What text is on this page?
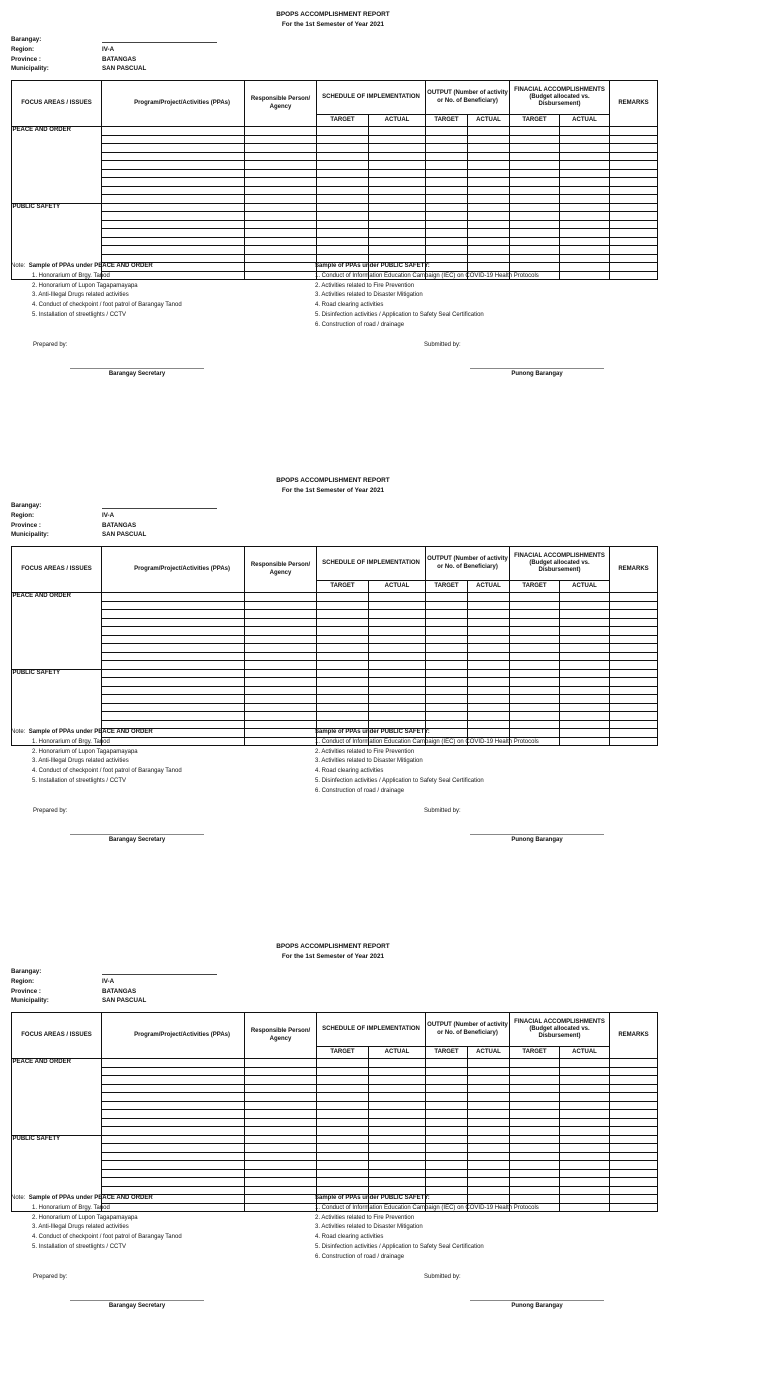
BPOPS ACCOMPLISHMENT REPORT
For the 1st Semester of Year 2021
Barangay:
Region:	IV-A
Province :	BATANGAS
Municipality:	SAN PASCUAL
FOCUS AREAS / ISSUES	Program/Project/Activities (PPAs)	Responsible Person/ Agency	SCHEDULE OF IMPLEMENTATION		OUTPUT (Number of activity or No. of Beneficiary)		FINACIAL ACCOMPLISHMENTS (Budget allocated vs. Disbursement)		REMARKS
			TARGET	ACTUAL	TARGET	ACTUAL	TARGET	ACTUAL	
PEACE AND ORDER									

PUBLIC SAFETY									

Note: Sample of PPAs under PEACE AND ORDER
1. Honorarium of Brgy. Tanod
2. Honorarium of Lupon Tagapamayapa
3. Anti-Illegal Drugs related activities
4. Conduct of checkpoint / foot patrol of Barangay Tanod
5. Installation of streetlights / CCTV
Sample of PPAs under PUBLIC SAFETY:
1. Conduct of Information Education Campaign (IEC) on COVID-19 Health Protocols
2. Activities related to Fire Prevention
3. Activities related to Disaster Mitigation
4. Road clearing activities
5. Disinfection activities / Application to Safety Seal Certification
6. Construction of road / drainage
Prepared by:	Submitted by:
Barangay Secretary	Punong Barangay
BPOPS ACCOMPLISHMENT REPORT
For the 1st Semester of Year 2021
Barangay:
Region:	IV-A
Province :	BATANGAS
Municipality:	SAN PASCUAL
FOCUS AREAS / ISSUES	Program/Project/Activities (PPAs)	Responsible Person/ Agency	SCHEDULE OF IMPLEMENTATION		OUTPUT (Number of activity or No. of Beneficiary)		FINACIAL ACCOMPLISHMENTS (Budget allocated vs. Disbursement)		REMARKS
			TARGET	ACTUAL	TARGET	ACTUAL	TARGET	ACTUAL	
PEACE AND ORDER									

PUBLIC SAFETY									

Note: Sample of PPAs under PEACE AND ORDER
1. Honorarium of Brgy. Tanod
2. Honorarium of Lupon Tagapamayapa
3. Anti-Illegal Drugs related activities
4. Conduct of checkpoint / foot patrol of Barangay Tanod
5. Installation of streetlights / CCTV
Sample of PPAs under PUBLIC SAFETY:
1. Conduct of Information Education Campaign (IEC) on COVID-19 Health Protocols
2. Activities related to Fire Prevention
3. Activities related to Disaster Mitigation
4. Road clearing activities
5. Disinfection activities / Application to Safety Seal Certification
6. Construction of road / drainage
Prepared by:	Submitted by:
Barangay Secretary	Punong Barangay
BPOPS ACCOMPLISHMENT REPORT
For the 1st Semester of Year 2021
Barangay:
Region:	IV-A
Province :	BATANGAS
Municipality:	SAN PASCUAL
FOCUS AREAS / ISSUES	Program/Project/Activities (PPAs)	Responsible Person/ Agency	SCHEDULE OF IMPLEMENTATION		OUTPUT (Number of activity or No. of Beneficiary)		FINACIAL ACCOMPLISHMENTS (Budget allocated vs. Disbursement)		REMARKS
			TARGET	ACTUAL	TARGET	ACTUAL	TARGET	ACTUAL	
PEACE AND ORDER									

PUBLIC SAFETY									

Note: Sample of PPAs under PEACE AND ORDER
1. Honorarium of Brgy. Tanod
2. Honorarium of Lupon Tagapamayapa
3. Anti-Illegal Drugs related activities
4. Conduct of checkpoint / foot patrol of Barangay Tanod
5. Installation of streetlights / CCTV
Sample of PPAs under PUBLIC SAFETY:
1. Conduct of Information Education Campaign (IEC) on COVID-19 Health Protocols
2. Activities related to Fire Prevention
3. Activities related to Disaster Mitigation
4. Road clearing activities
5. Disinfection activities / Application to Safety Seal Certification
6. Construction of road / drainage
Prepared by:	Submitted by:
Barangay Secretary	Punong Barangay
